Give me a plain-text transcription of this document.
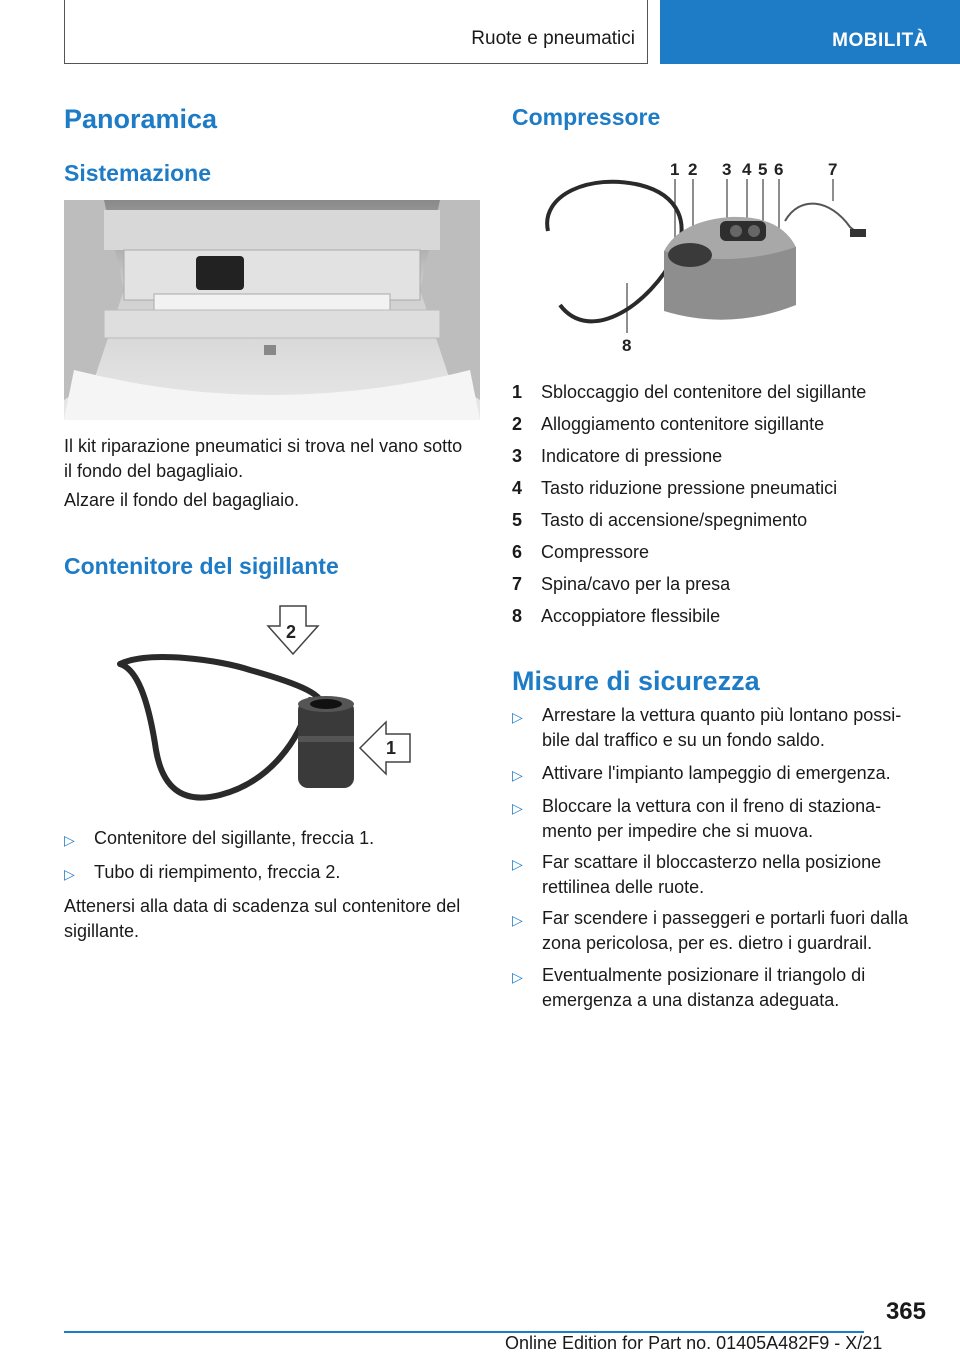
Ruote e pneumatici	MOBILITÀ
Panoramica
Sistemazione

Il kit riparazione pneumatici si trova nel vano sotto il fondo del bagagliaio.

Alzare il fondo del bagagliaio.

Contenitore del sigillante
2
1
▷	Contenitore del sigillante, freccia 1.
▷	Tubo di riempimento, freccia 2.

Attenersi alla data di scadenza sul contenitore del sigillante.

Compressore
1 2 3 4 5 6	7
8
1	Sbloccaggio del contenitore del sigillante
2	Alloggiamento contenitore sigillante
3	Indicatore di pressione
4	Tasto riduzione pressione pneumatici
5	Tasto di accensione/spegnimento
6	Compressore
7	Spina/cavo per la presa
8	Accoppiatore flessibile
Misure di sicurezza
▷	Arrestare la vettura quanto più lontano possi- bile dal traffico e su un fondo saldo.
▷	Attivare l'impianto lampeggio di emergenza.
▷	Bloccare la vettura con il freno di staziona- mento per impedire che si muova.
▷	Far scattare il bloccasterzo nella posizione rettilinea delle ruote.
▷	Far scendere i passeggeri e portarli fuori dalla zona pericolosa, per es. dietro i guardrail.
▷	Eventualmente posizionare il triangolo di emergenza a una distanza adeguata.
365
Online Edition for Part no. 01405A482F9 - X/21
